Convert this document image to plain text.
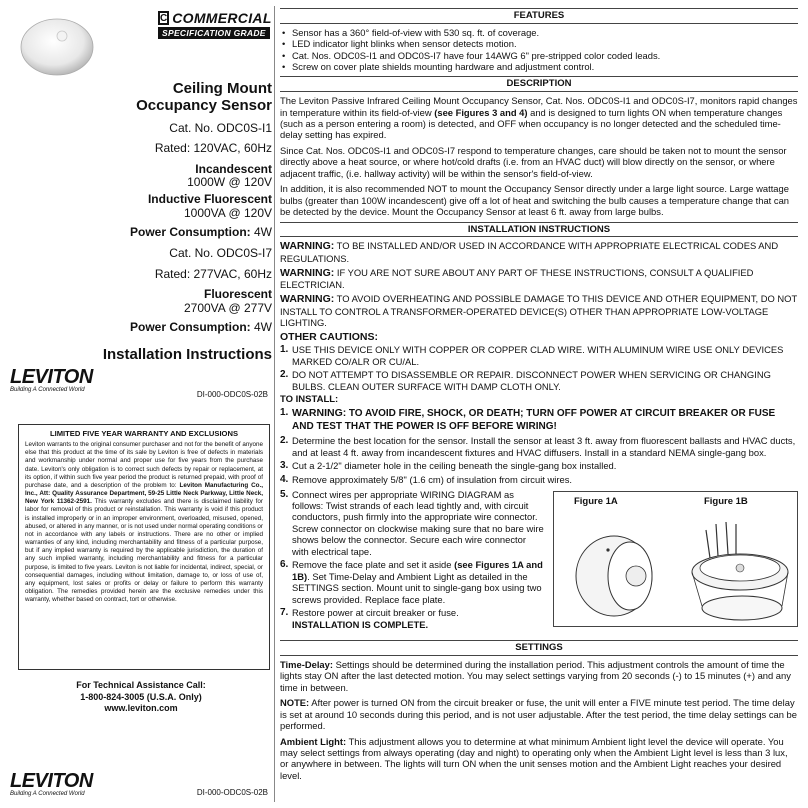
C COMMERCIAL
SPECIFICATION GRADE
Ceiling Mount
Occupancy Sensor
Cat. No. ODC0S-I1
Rated: 120VAC, 60Hz
Incandescent
1000W @ 120V
Inductive Fluorescent
1000VA @ 120V
Power Consumption: 4W
Cat. No. ODC0S-I7
Rated: 277VAC, 60Hz
Fluorescent
2700VA @ 277V
Power Consumption: 4W
Installation Instructions
LEVITON
Building A Connected World	DI-000-ODC0S-02B
LIMITED FIVE YEAR WARRANTY AND EXCLUSIONS

Leviton warrants to the original consumer purchaser and not for the benefit of anyone else that this product at the time of its sale by Leviton is free of defects in materials and workmanship under normal and proper use for five years from the purchase date. Leviton's only obligation is to correct such defects by repair or replacement, at its option, if within such five year period the product is returned prepaid, with proof of purchase date, and a description of the problem to: Leviton Manufacturing Co., Inc., Att: Quality Assurance Department, 59-25 Little Neck Parkway, Little Neck, New York 11362-2591. This warranty excludes and there is disclaimed liability for labor for removal of this product or reinstallation. This warranty is void if this product is installed improperly or in an improper environment, overloaded, misused, opened, abused, or altered in any manner, or is not used under normal operating conditions or not in accordance with any labels or instructions. There are no other or implied warranties of any kind, including merchantability and fitness of a particular purpose, but if any implied warranty is required by the applicable jurisdiction, the duration of any such implied warranty, including merchantability and fitness for a particular purpose, is limited to five years. Leviton is not liable for incidental, indirect, special, or consequential damages, including without limitation, damage to, or loss of use of, any equipment, lost sales or profits or delay or failure to perform this warranty obligation. The remedies provided herein are the exclusive remedies under this warranty, whether based on contract, tort or otherwise.

For Technical Assistance Call:
1-800-824-3005 (U.S.A. Only)
www.leviton.com
LEVITON
Building A Connected World	DI-000-ODC0S-02B
FEATURES
• Sensor has a 360° field-of-view with 530 sq. ft. of coverage.
• LED indicator light blinks when sensor detects motion.
• Cat. Nos. ODC0S-I1 and ODC0S-I7 have four 14AWG 6" pre-stripped color coded leads.
• Screw on cover plate shields mounting hardware and adjustment control.
DESCRIPTION

The Leviton Passive Infrared Ceiling Mount Occupancy Sensor, Cat. Nos. ODC0S-I1 and ODC0S-I7, monitors rapid changes in temperature within its field-of-view (see Figures 3 and 4) and is designed to turn lights ON when temperature changes (such as a person entering a room) is detected, and OFF when occupancy is no longer detected and the scheduled time-delay setting has expired.

Since Cat. Nos. ODC0S-I1 and ODC0S-I7 respond to temperature changes, care should be taken not to mount the sensor directly above a heat source, or where hot/cold drafts (i.e. from an HVAC duct) will blow directly on the sensor, or where adjacent traffic, (i.e. hallway activity) will be within the sensor's field-of-view.

In addition, it is also recommended NOT to mount the Occupancy Sensor directly under a large light source. Large wattage bulbs (greater than 100W incandescent) give off a lot of heat and switching the bulb causes a temperature change that can be detected by the device. Mount the Occupancy Sensor at least 6 ft. away from large bulbs.

INSTALLATION INSTRUCTIONS

WARNING: TO BE INSTALLED AND/OR USED IN ACCORDANCE WITH APPROPRIATE ELECTRICAL CODES AND REGULATIONS.

WARNING: IF YOU ARE NOT SURE ABOUT ANY PART OF THESE INSTRUCTIONS, CONSULT A QUALIFIED ELECTRICIAN.

WARNING: TO AVOID OVERHEATING AND POSSIBLE DAMAGE TO THIS DEVICE AND OTHER EQUIPMENT, DO NOT INSTALL TO CONTROL A TRANSFORMER-OPERATED DEVICE(S) OTHER THAN APPROPRIATE LOW-VOLTAGE LIGHTING.

OTHER CAUTIONS:
1. USE THIS DEVICE ONLY WITH COPPER OR COPPER CLAD WIRE. WITH ALUMINUM WIRE USE ONLY DEVICES MARKED CO/ALR OR CU/AL.
2. DO NOT ATTEMPT TO DISASSEMBLE OR REPAIR. DISCONNECT POWER WHEN SERVICING OR CHANGING BULBS. CLEAN OUTER SURFACE WITH DAMP CLOTH ONLY.
TO INSTALL:
1. WARNING: TO AVOID FIRE, SHOCK, OR DEATH; TURN OFF POWER AT CIRCUIT BREAKER OR FUSE AND TEST THAT THE POWER IS OFF BEFORE WIRING!
2. Determine the best location for the sensor. Install the sensor at least 3 ft. away from fluorescent ballasts and HVAC ducts, and at least 4 ft. away from incandescent fixtures and HVAC diffusers. Install in a standard NEMA single-gang box.
3. Cut a 2-1/2" diameter hole in the ceiling beneath the single-gang box installed.
4. Remove approximately 5/8" (1.6 cm) of insulation from circuit wires.
5. Connect wires per appropriate WIRING DIAGRAM as follows: Twist strands of each lead tightly and, with circuit conductors, push firmly into the appropriate wire connector. Screw connector on clockwise making sure that no bare wire shows below the connector. Secure each wire connector with electrical tape.
6. Remove the face plate and set it aside (see Figures 1A and 1B). Set Time-Delay and Ambient Light as detailed in the SETTINGS section. Mount unit to single-gang box using two screws provided. Replace face plate.
7. Restore power at circuit breaker or fuse.
INSTALLATION IS COMPLETE.
Figure 1A	Figure 1B
SETTINGS

Time-Delay: Settings should be determined during the installation period. This adjustment controls the amount of time the lights stay ON after the last detected motion. You may select settings varying from 20 seconds (-) to 15 minutes (+) and any time in between.

NOTE: After power is turned ON from the circuit breaker or fuse, the unit will enter a FIVE minute test period. The time delay is set at around 10 seconds during this period, and is not user adjustable. After the test period, the time delay settings can be performed.

Ambient Light: This adjustment allows you to determine at what minimum Ambient light level the device will operate. You may select settings from always operating (day and night) to operating only when the Ambient Light level is less than 3 lux, or anywhere in between. The lights will turn ON when the unit senses motion and the Ambient Light reaches your desired level.
